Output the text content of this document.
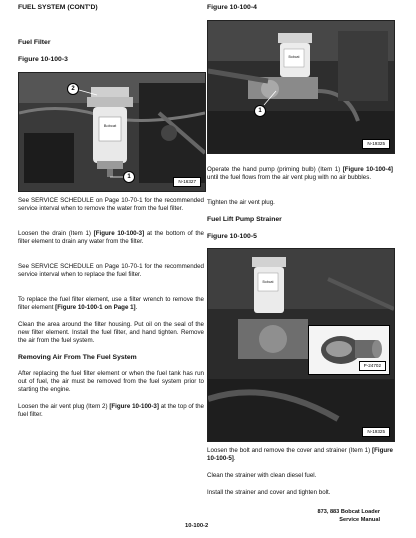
FUEL SYSTEM (CONT'D)
Fuel Filter
Figure 10-100-3
Bobcat
2
1
N-16327
See SERVICE SCHEDULE on Page 10-70-1 for the recommended service interval when to remove the water from the fuel filter.
Loosen the drain (Item 1) [Figure 10-100-3] at the bottom of the filter element to drain any water from the filter.
See SERVICE SCHEDULE on Page 10-70-1 for the recommended service interval when to replace the fuel filter.
To replace the fuel filter element, use a filter wrench to remove the filter element [Figure 10-100-1 on Page 1].
Clean the area around the filter housing. Put oil on the seal of the new filter element. Install the fuel filter, and hand tighten. Remove the air from the fuel system.
Removing Air From The Fuel System
After replacing the fuel filter element or when the fuel tank has run out of fuel, the air must be removed from the fuel system prior to starting the engine.
Loosen the air vent plug (Item 2) [Figure 10-100-3] at the top of the fuel filter.
Figure 10-100-4
Bobcat
1
N-19325
Operate the hand pump (priming bulb) (Item 1) [Figure 10-100-4] until the fuel flows from the air vent plug with no air bubbles.
Tighten the air vent plug.
Fuel Lift Pump Strainer
Figure 10-100-5
Bobcat
P-24702
N-19325
Loosen the bolt and remove the cover and strainer (Item 1) [Figure 10-100-5].
Clean the strainer with clean diesel fuel.
Install the strainer and cover and tighten bolt.
10-100-2
873, 883 Bobcat Loader
Service Manual
